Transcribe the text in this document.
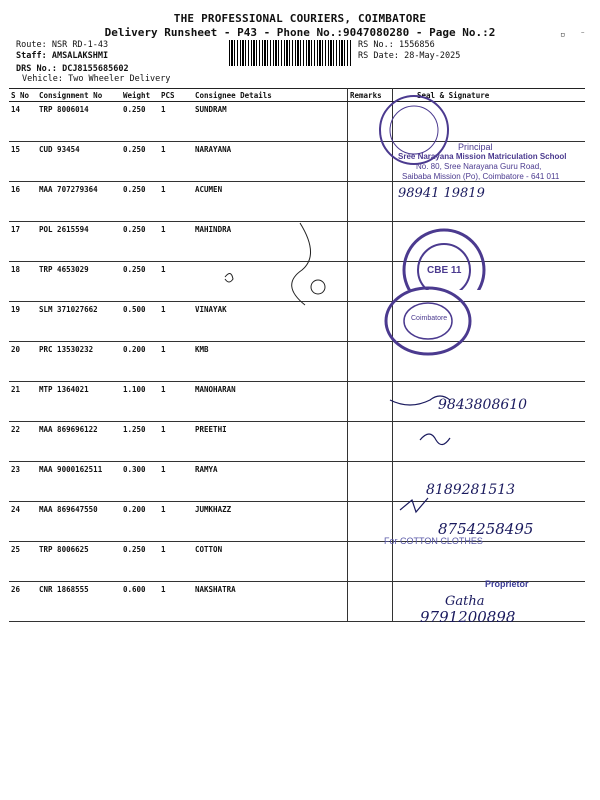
THE PROFESSIONAL COURIERS, COIMBATORE
Delivery Runsheet - P43 - Phone No.:9047080280 - Page No.:2	▫ ⁻
Route: NSR RD-1-43
Staff: AMSALAKSHMI
DRS No.: DCJ8155685602
Vehicle: Two Wheeler Delivery
RS No.: 1556856
RS Date: 28-May-2025
S No	Consignment No	Weight	PCS	Consignee Details	Remarks	Seal & Signature
14	TRP 8006014	0.250	1	SUNDRAM		
15	CUD 93454	0.250	1	NARAYANA		
16	MAA 707279364	0.250	1	ACUMEN		
17	POL 2615594	0.250	1	MAHINDRA		
18	TRP 4653029	0.250	1			
19	SLM 371027662	0.500	1	VINAYAK		
20	PRC 13530232	0.200	1	KMB		
21	MTP 1364021	1.100	1	MANOHARAN		
22	MAA 869696122	1.250	1	PREETHI		
23	MAA 9000162511	0.300	1	RAMYA		
24	MAA 869647550	0.200	1	JUMKHAZZ		
25	TRP 8006625	0.250	1	COTTON		
26	CNR 1868555	0.600	1	NAKSHATRA		
Principal
Sree Narayana Mission Matriculation School
No. 80, Sree Narayana Guru Road,
Saibaba Mission (Po), Coimbatore - 641 011
CBE 11
Coimbatore
For COTTON CLOTHES
Proprietor
98941 19819
9843808610
8189281513
8754258495
Gatha
9791200898
